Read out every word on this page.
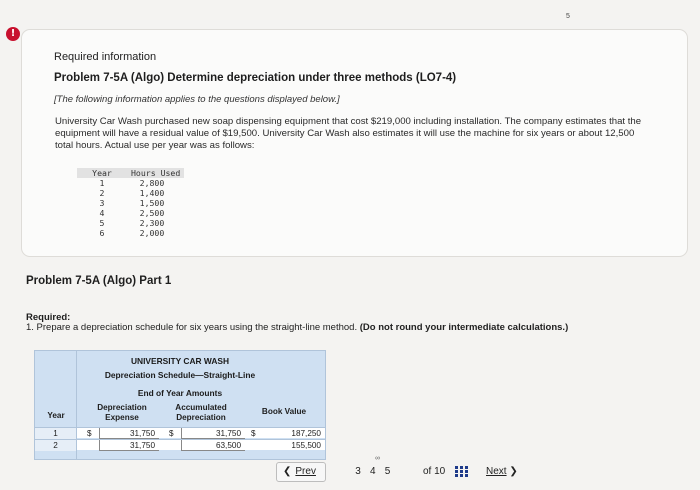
5
!
Required information
Problem 7-5A (Algo) Determine depreciation under three methods (LO7-4)
[The following information applies to the questions displayed below.]
University Car Wash purchased new soap dispensing equipment that cost $219,000 including installation. The company estimates that the equipment will have a residual value of $19,500. University Car Wash also estimates it will use the machine for six years or about 12,500 total hours. Actual use per year was as follows:
Year	Hours Used
1	2,800
2	1,400
3	1,500
4	2,500
5	2,300
6	2,000
Problem 7-5A (Algo) Part 1
Required:
1. Prepare a depreciation schedule for six years using the straight-line method. (Do not round your intermediate calculations.)
UNIVERSITY CAR WASH
Depreciation Schedule—Straight-Line
End of Year Amounts
Year
Depreciation Expense
Accumulated Depreciation
Book Value
1	$	31,750 $	31,750 $	187,250
2	31,750	63,500	155,500
❮ Prev
∞
3 4 5	of 10	Next ❯
